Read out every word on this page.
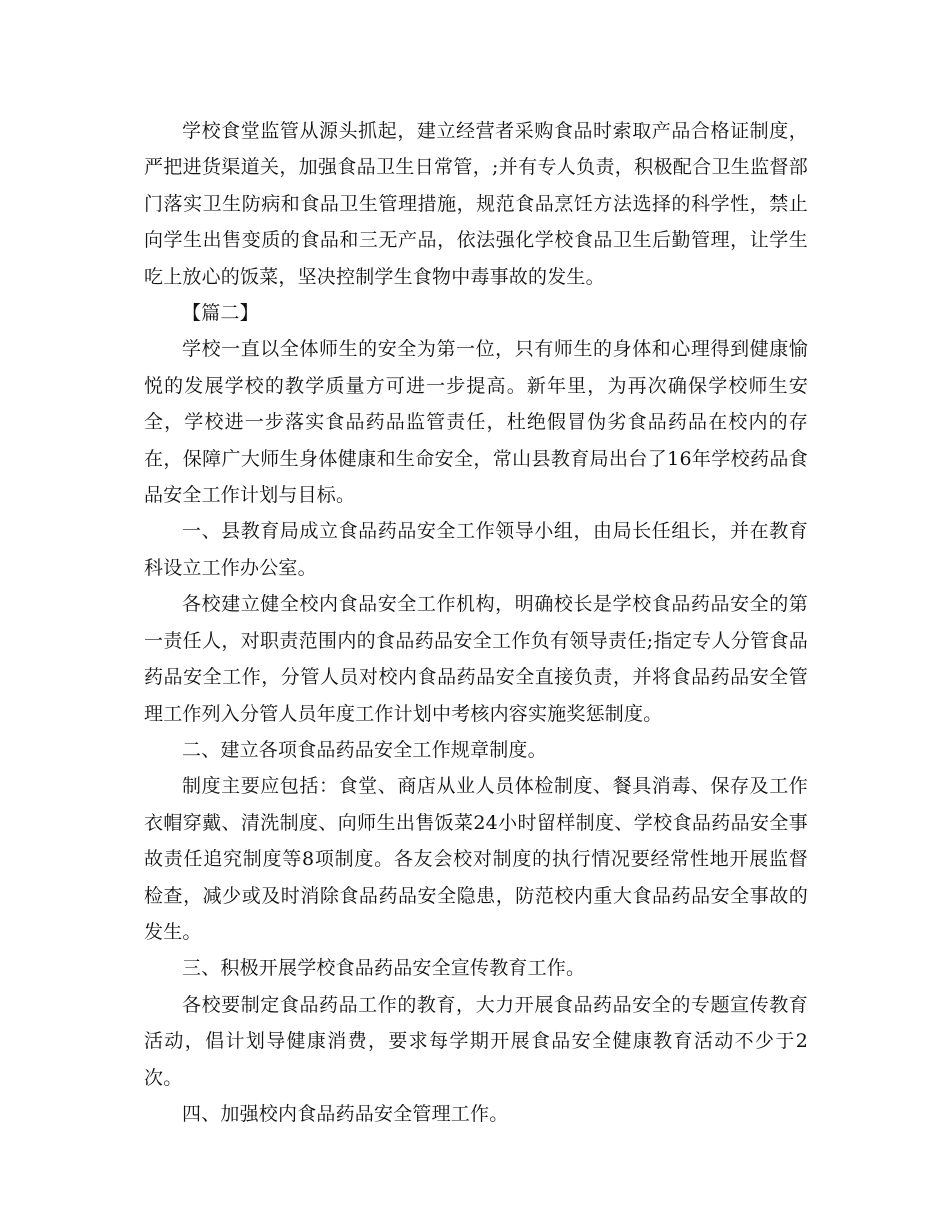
学校食堂监管从源头抓起，建立经营者采购食品时索取产品合格证制度，严把进货渠道关，加强食品卫生日常管，;并有专人负责，积极配合卫生监督部门落实卫生防病和食品卫生管理措施，规范食品烹饪方法选择的科学性，禁止向学生出售变质的食品和三无产品，依法强化学校食品卫生后勤管理，让学生吃上放心的饭菜，坚决控制学生食物中毒事故的发生。

【篇二】

学校一直以全体师生的安全为第一位，只有师生的身体和心理得到健康愉悦的发展学校的教学质量方可进一步提高。新年里，为再次确保学校师生安全，学校进一步落实食品药品监管责任，杜绝假冒伪劣食品药品在校内的存在，保障广大师生身体健康和生命安全，常山县教育局出台了16年学校药品食品安全工作计划与目标。

一、县教育局成立食品药品安全工作领导小组，由局长任组长，并在教育科设立工作办公室。

各校建立健全校内食品安全工作机构，明确校长是学校食品药品安全的第一责任人，对职责范围内的食品药品安全工作负有领导责任;指定专人分管食品药品安全工作，分管人员对校内食品药品安全直接负责，并将食品药品安全管理工作列入分管人员年度工作计划中考核内容实施奖惩制度。

二、建立各项食品药品安全工作规章制度。

制度主要应包括：食堂、商店从业人员体检制度、餐具消毒、保存及工作衣帽穿戴、清洗制度、向师生出售饭菜24小时留样制度、学校食品药品安全事故责任追究制度等8项制度。各友会校对制度的执行情况要经常性地开展监督检查，减少或及时消除食品药品安全隐患，防范校内重大食品药品安全事故的发生。

三、积极开展学校食品药品安全宣传教育工作。

各校要制定食品药品工作的教育，大力开展食品药品安全的专题宣传教育活动，倡计划导健康消费，要求每学期开展食品安全健康教育活动不少于2次。

四、加强校内食品药品安全管理工作。
